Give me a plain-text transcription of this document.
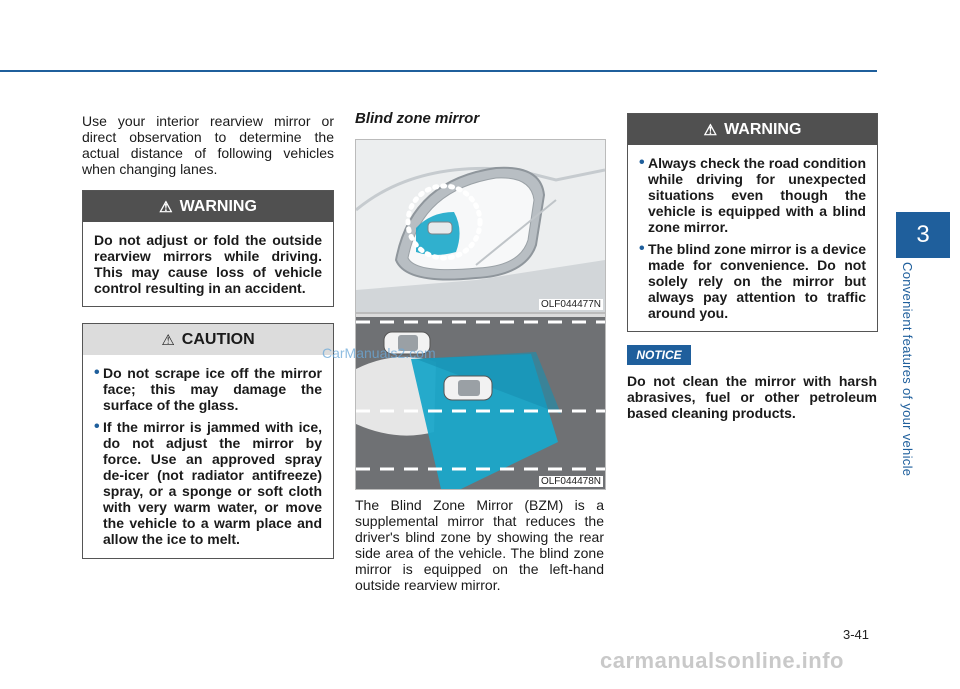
3
Convenient features of your vehicle
3-41
Use your interior rearview mirror or direct observation to determine the actual distance of following vehicles when changing lanes.
⚠ WARNING
Do not adjust or fold the outside rearview mirrors while driving. This may cause loss of vehicle control resulting in an accident.
⚠ CAUTION
• Do not scrape ice off the mirror face; this may damage the surface of the glass.
• If the mirror is jammed with ice, do not adjust the mirror by force. Use an approved spray de-icer (not radiator antifreeze) spray, or a sponge or soft cloth with very warm water, or move the vehicle to a warm place and allow the ice to melt.
Blind zone mirror
OLF044477N
OLF044478N
The Blind Zone Mirror (BZM) is a supplemental mirror that reduces the driver's blind zone by showing the rear side area of the vehicle. The blind zone mirror is equipped on the left-hand outside rearview mirror.
⚠ WARNING
• Always check the road condition while driving for unexpected situations even though the vehicle is equipped with a blind zone mirror.
• The blind zone mirror is a device made for convenience. Do not solely rely on the mirror but always pay attention to traffic around you.
NOTICE
Do not clean the mirror with harsh abrasives, fuel or other petroleum based cleaning products.
CarManuals2.com
carmanualsonline.info
